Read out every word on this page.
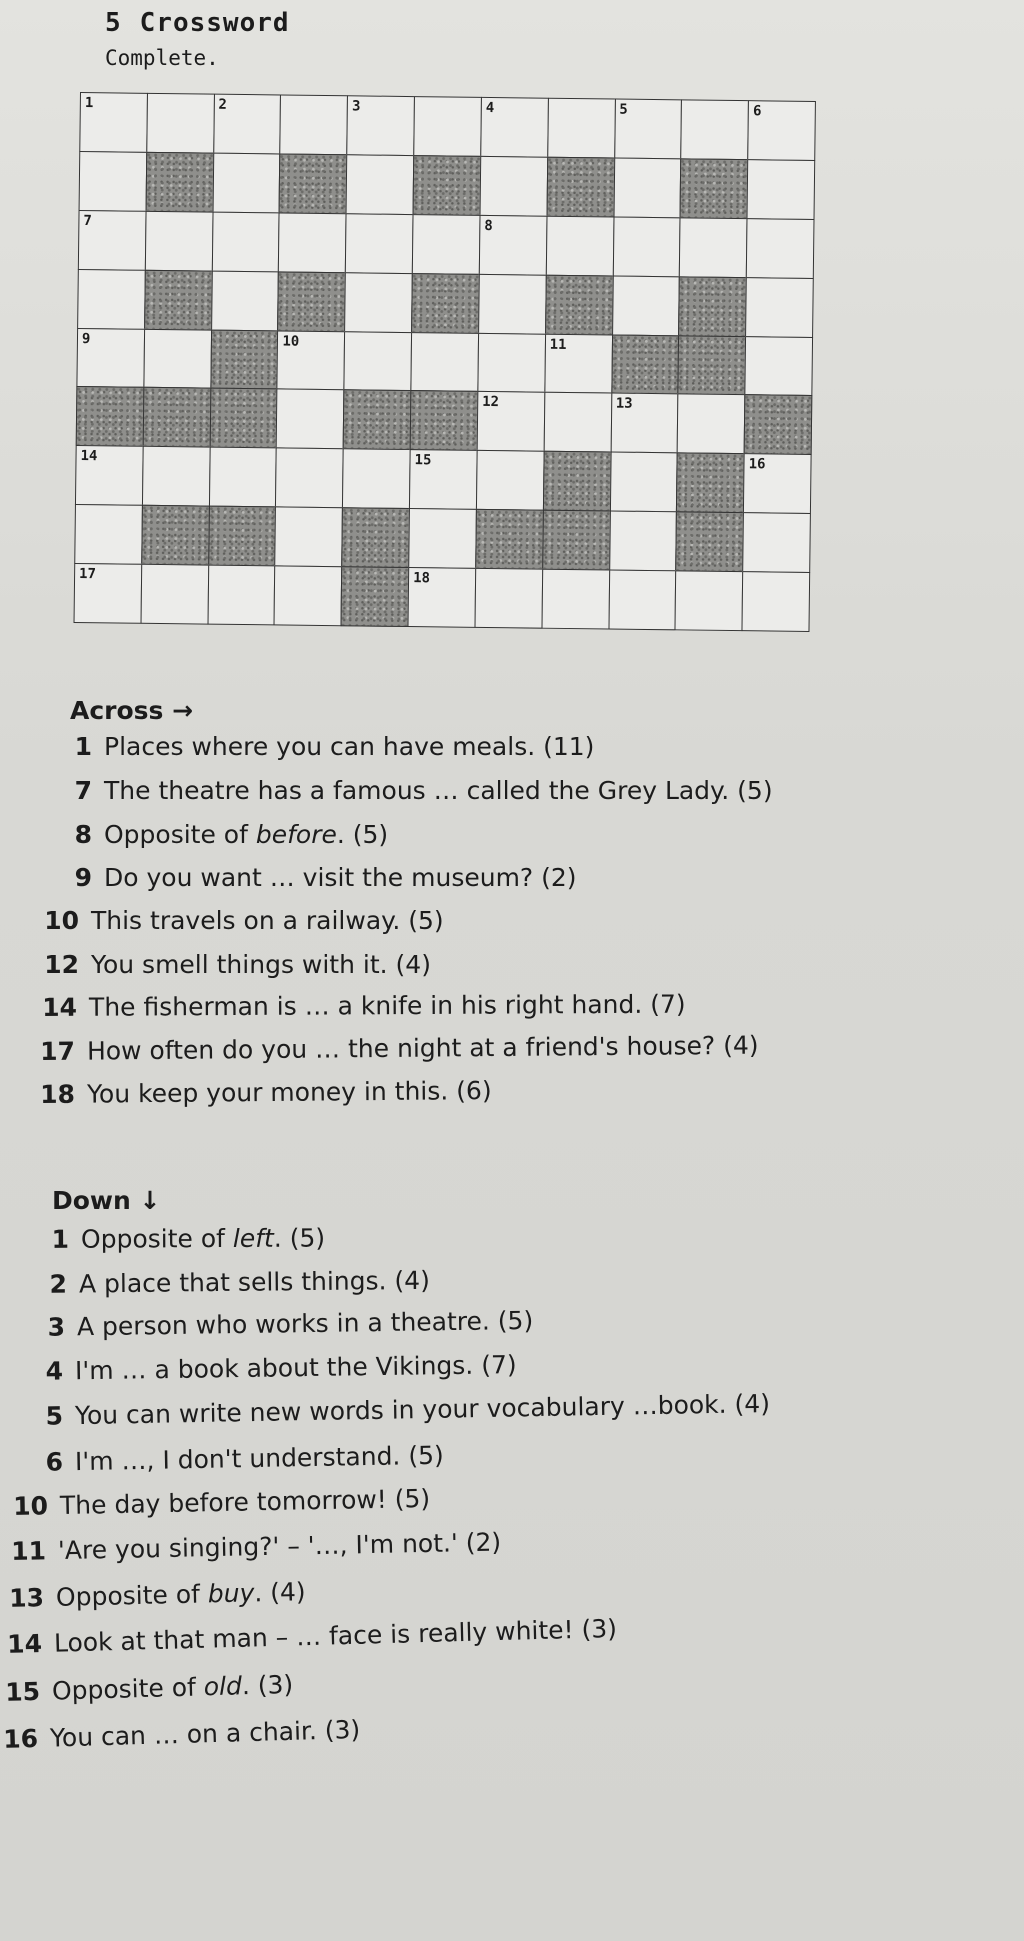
5 Crossword
Complete.
1	2	3	4	5	6
7	8
9	10	11
12	13
14	15	16
17	18
Across →
1 Places where you can have meals. (11)
7 The theatre has a famous … called the Grey Lady. (5)
8 Opposite of before. (5)
9 Do you want … visit the museum? (2)
10 This travels on a railway. (5)
12 You smell things with it. (4)
14 The fisherman is … a knife in his right hand. (7)
17 How often do you … the night at a friend's house? (4)
18 You keep your money in this. (6)
Down ↓
1 Opposite of left. (5)
2 A place that sells things. (4)
3 A person who works in a theatre. (5)
4 I'm … a book about the Vikings. (7)
5 You can write new words in your vocabulary …book. (4)
6 I'm …, I don't understand. (5)
10 The day before tomorrow! (5)
11 'Are you singing?' – '…, I'm not.' (2)
13 Opposite of buy. (4)
14 Look at that man – … face is really white! (3)
15 Opposite of old. (3)
16 You can … on a chair. (3)
